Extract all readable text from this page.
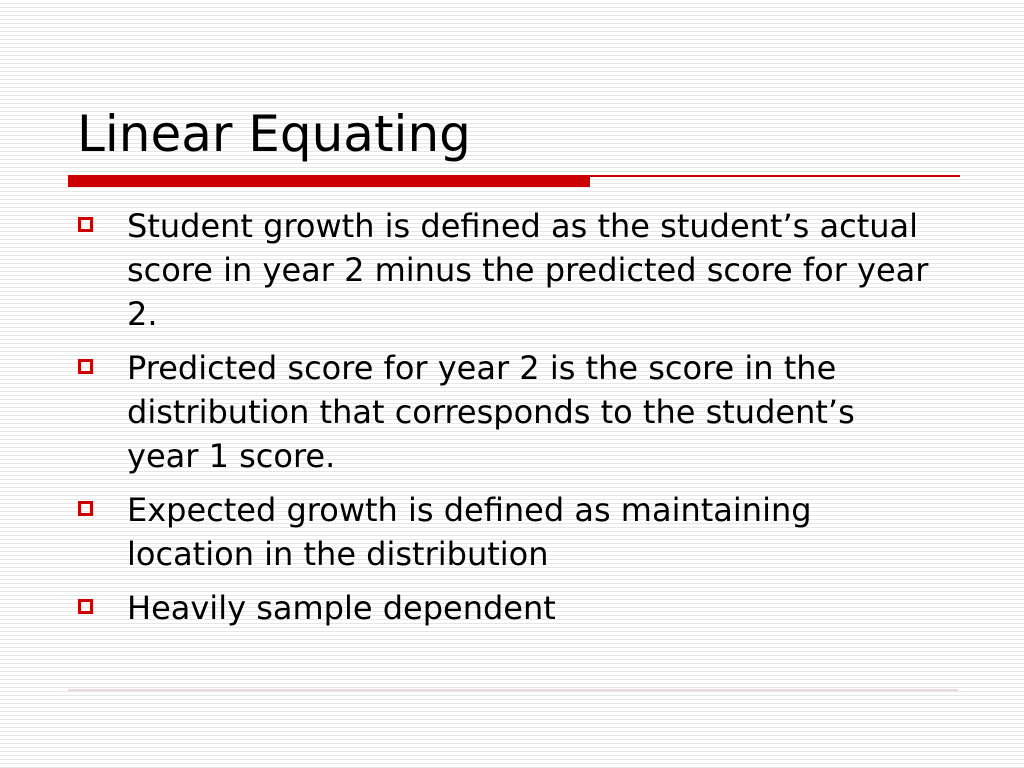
Linear Equating
Student growth is defined as the student’s actual score in year 2 minus the predicted score for year 2.
Predicted score for year 2 is the score in the distribution that corresponds to the student’s year 1 score.
Expected growth is defined as maintaining location in the distribution
Heavily sample dependent
